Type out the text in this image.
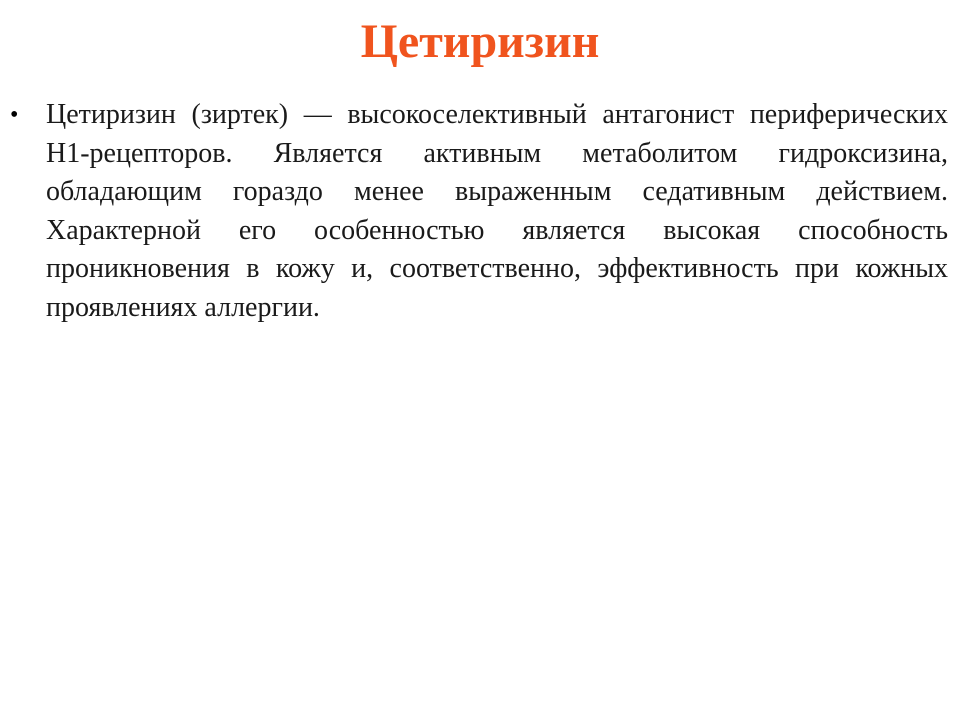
Цетиризин
• Цетиризин (зиртек) — высокоселективный антагонист периферических H1-рецепторов. Является активным метаболитом гидроксизина, обладающим гораздо менее выраженным седативным действием. Характерной его особенностью является высокая способность проникновения в кожу и, соответственно, эффективность при кожных проявлениях аллергии.
